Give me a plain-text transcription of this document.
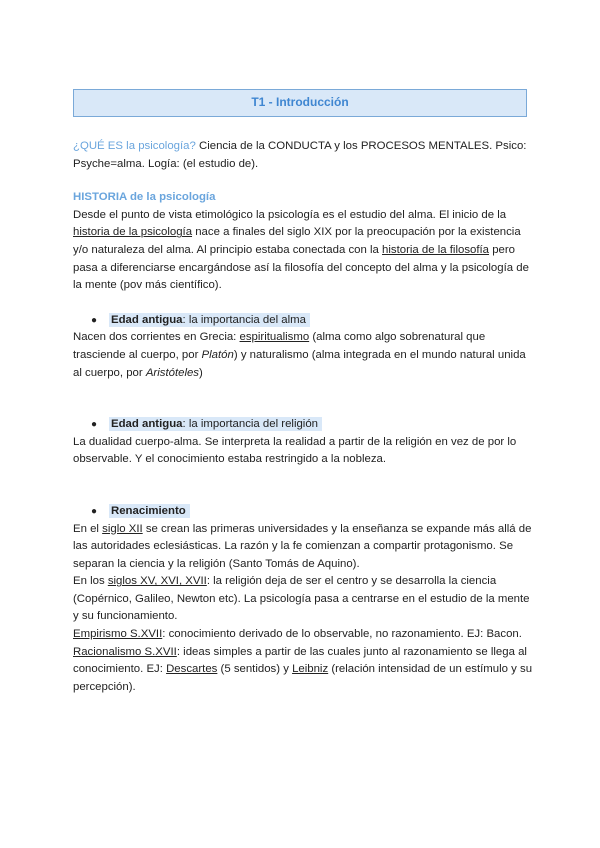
T1 - Introducción

¿QUÉ ES la psicología? Ciencia de la CONDUCTA y los PROCESOS MENTALES. Psico: Psyche=alma. Logía: (el estudio de).

HISTORIA de la psicología

Desde el punto de vista etimológico la psicología es el estudio del alma. El inicio de la historia de la psicología nace a finales del siglo XIX por la preocupación por la existencia y/o naturaleza del alma. Al principio estaba conectada con la historia de la filosofía pero pasa a diferenciarse encargándose así la filosofía del concepto del alma y la psicología de la mente (pov más científico).

● Edad antigua: la importancia del alma

Nacen dos corrientes en Grecia: espiritualismo (alma como algo sobrenatural que trasciende al cuerpo, por Platón) y naturalismo (alma integrada en el mundo natural unida al cuerpo, por Aristóteles)

● Edad antigua: la importancia del religión

La dualidad cuerpo-alma. Se interpreta la realidad a partir de la religión en vez de por lo observable. Y el conocimiento estaba restringido a la nobleza.

● Renacimiento

En el siglo XII se crean las primeras universidades y la enseñanza se expande más allá de las autoridades eclesiásticas. La razón y la fe comienzan a compartir protagonismo. Se separan la ciencia y la religión (Santo Tomás de Aquino).

En los siglos XV, XVI, XVII: la religión deja de ser el centro y se desarrolla la ciencia (Copérnico, Galileo, Newton etc). La psicología pasa a centrarse en el estudio de la mente y su funcionamiento.

Empirismo S.XVII: conocimiento derivado de lo observable, no razonamiento. EJ: Bacon.

Racionalismo S.XVII: ideas simples a partir de las cuales junto al razonamiento se llega al conocimiento. EJ: Descartes (5 sentidos) y Leibniz (relación intensidad de un estímulo y su percepción).
